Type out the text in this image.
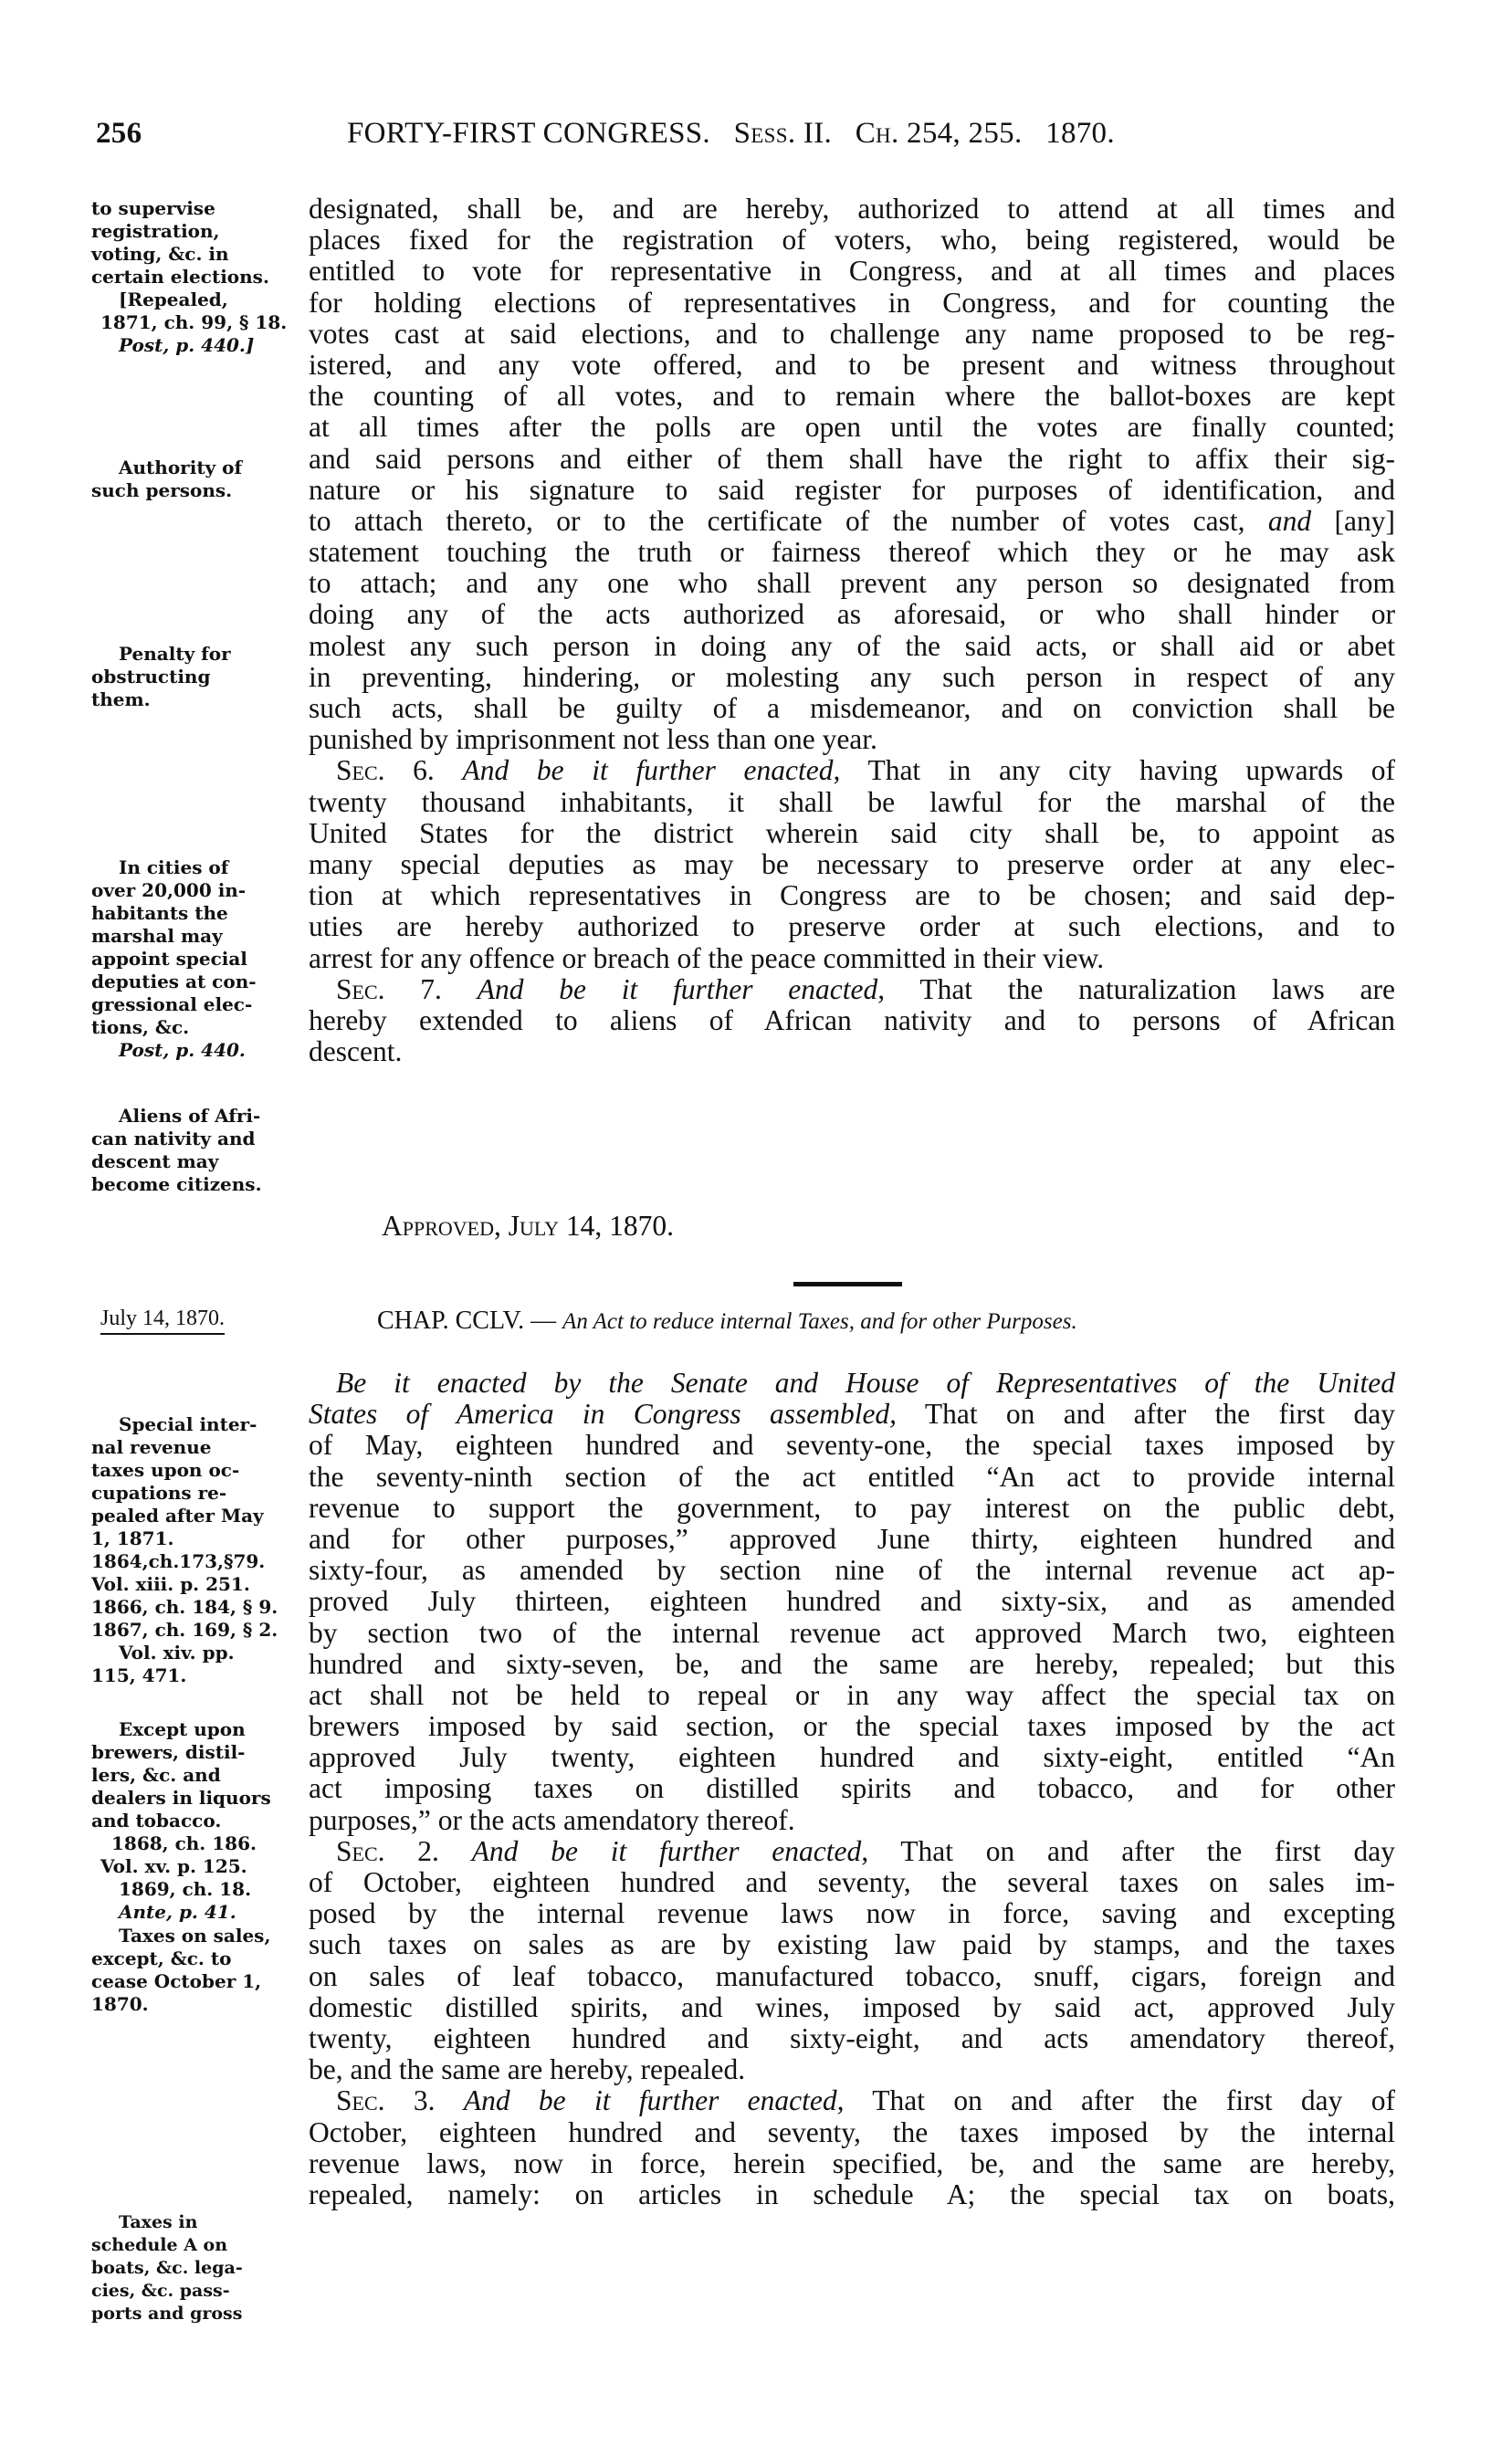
256	FORTY-FIRST CONGRESS. Sess. II. Ch. 254, 255. 1870.
to supervise
registration,
voting, &c. in
certain elections.
[Repealed,
1871, ch. 99, § 18.
Post, p. 440.]
Authority of
such persons.
Penalty for
obstructing
them.
In cities of
over 20,000 in-
habitants the
marshal may
appoint special
deputies at con-
gressional elec-
tions, &c.
Post, p. 440.
Aliens of Afri-
can nativity and
descent may
become citizens.
Special inter-
nal revenue
taxes upon oc-
cupations re-
pealed after May
1, 1871.
1864,ch.173,§79.
Vol. xiii. p. 251.
1866, ch. 184, § 9.
1867, ch. 169, § 2.
Vol. xiv. pp.
115, 471.
Except upon
brewers, distil-
lers, &c. and
dealers in liquors
and tobacco.
1868, ch. 186.
Vol. xv. p. 125.
1869, ch. 18.
Ante, p. 41.
Taxes on sales,
except, &c. to
cease October 1,
1870.
Taxes in
schedule A on
boats, &c. lega-
cies, &c. pass-
ports and gross
designated, shall be, and are hereby, authorized to attend at all times and
places fixed for the registration of voters, who, being registered, would be
entitled to vote for representative in Congress, and at all times and places
for holding elections of representatives in Congress, and for counting the
votes cast at said elections, and to challenge any name proposed to be reg-
istered, and any vote offered, and to be present and witness throughout
the counting of all votes, and to remain where the ballot-boxes are kept
at all times after the polls are open until the votes are finally counted;
and said persons and either of them shall have the right to affix their sig-
nature or his signature to said register for purposes of identification, and
to attach thereto, or to the certificate of the number of votes cast, and [any]
statement touching the truth or fairness thereof which they or he may ask
to attach; and any one who shall prevent any person so designated from
doing any of the acts authorized as aforesaid, or who shall hinder or
molest any such person in doing any of the said acts, or shall aid or abet
in preventing, hindering, or molesting any such person in respect of any
such acts, shall be guilty of a misdemeanor, and on conviction shall be
punished by imprisonment not less than one year.
Sec. 6. And be it further enacted, That in any city having upwards of
twenty thousand inhabitants, it shall be lawful for the marshal of the
United States for the district wherein said city shall be, to appoint as
many special deputies as may be necessary to preserve order at any elec-
tion at which representatives in Congress are to be chosen; and said dep-
uties are hereby authorized to preserve order at such elections, and to
arrest for any offence or breach of the peace committed in their view.
Sec. 7. And be it further enacted, That the naturalization laws are
hereby extended to aliens of African nativity and to persons of African
descent.
Approved, July 14, 1870.
July 14, 1870.	CHAP. CCLV. — An Act to reduce internal Taxes, and for other Purposes.
Be it enacted by the Senate and House of Representatives of the United
States of America in Congress assembled, That on and after the first day
of May, eighteen hundred and seventy-one, the special taxes imposed by
the seventy-ninth section of the act entitled “An act to provide internal
revenue to support the government, to pay interest on the public debt,
and for other purposes,” approved June thirty, eighteen hundred and
sixty-four, as amended by section nine of the internal revenue act ap-
proved July thirteen, eighteen hundred and sixty-six, and as amended
by section two of the internal revenue act approved March two, eighteen
hundred and sixty-seven, be, and the same are hereby, repealed; but this
act shall not be held to repeal or in any way affect the special tax on
brewers imposed by said section, or the special taxes imposed by the act
approved July twenty, eighteen hundred and sixty-eight, entitled “An
act imposing taxes on distilled spirits and tobacco, and for other
purposes,” or the acts amendatory thereof.
Sec. 2. And be it further enacted, That on and after the first day
of October, eighteen hundred and seventy, the several taxes on sales im-
posed by the internal revenue laws now in force, saving and excepting
such taxes on sales as are by existing law paid by stamps, and the taxes
on sales of leaf tobacco, manufactured tobacco, snuff, cigars, foreign and
domestic distilled spirits, and wines, imposed by said act, approved July
twenty, eighteen hundred and sixty-eight, and acts amendatory thereof,
be, and the same are hereby, repealed.
Sec. 3. And be it further enacted, That on and after the first day of
October, eighteen hundred and seventy, the taxes imposed by the internal
revenue laws, now in force, herein specified, be, and the same are hereby,
repealed, namely: on articles in schedule A; the special tax on boats,
